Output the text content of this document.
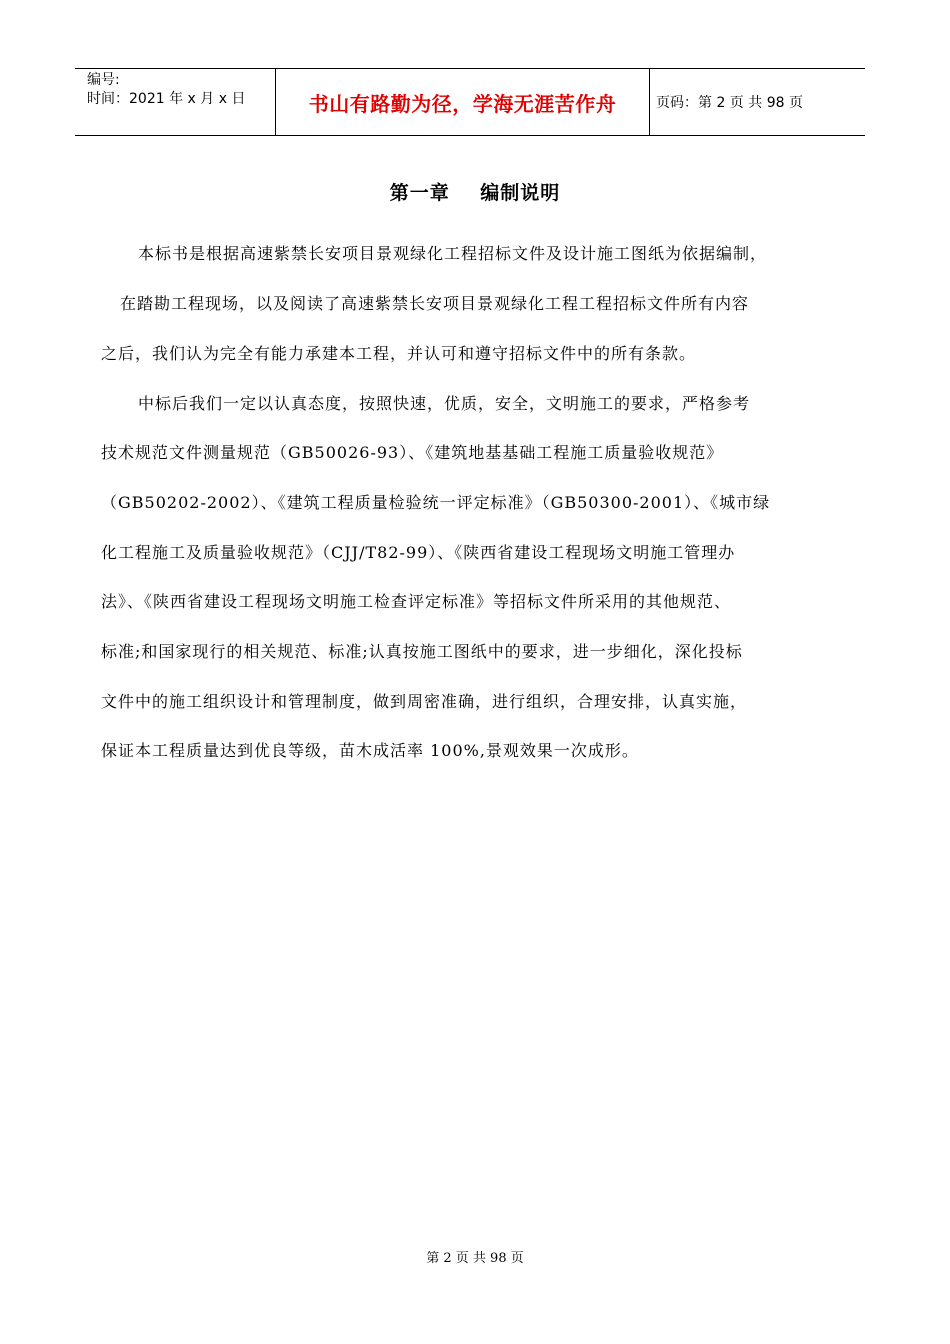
编号:
时间：2021 年 x 月 x 日	书山有路勤为径，学海无涯苦作舟	页码：第 2 页 共 98 页
第一章    编制说明
本标书是根据高速紫禁长安项目景观绿化工程招标文件及设计施工图纸为依据编制，
在踏勘工程现场，以及阅读了高速紫禁长安项目景观绿化工程工程招标文件所有内容
之后，我们认为完全有能力承建本工程，并认可和遵守招标文件中的所有条款。
中标后我们一定以认真态度，按照快速，优质，安全，文明施工的要求，严格参考
技术规范文件测量规范（GB50026-93）、《建筑地基基础工程施工质量验收规范》
（GB50202-2002）、《建筑工程质量检验统一评定标准》（GB50300-2001）、《城市绿
化工程施工及质量验收规范》（CJJ/T82-99）、《陕西省建设工程现场文明施工管理办
法》、《陕西省建设工程现场文明施工检查评定标准》等招标文件所采用的其他规范、
标准;和国家现行的相关规范、标准;认真按施工图纸中的要求，进一步细化，深化投标
文件中的施工组织设计和管理制度，做到周密准确，进行组织，合理安排，认真实施，
保证本工程质量达到优良等级，苗木成活率 100%,景观效果一次成形。
第 2 页 共 98 页
